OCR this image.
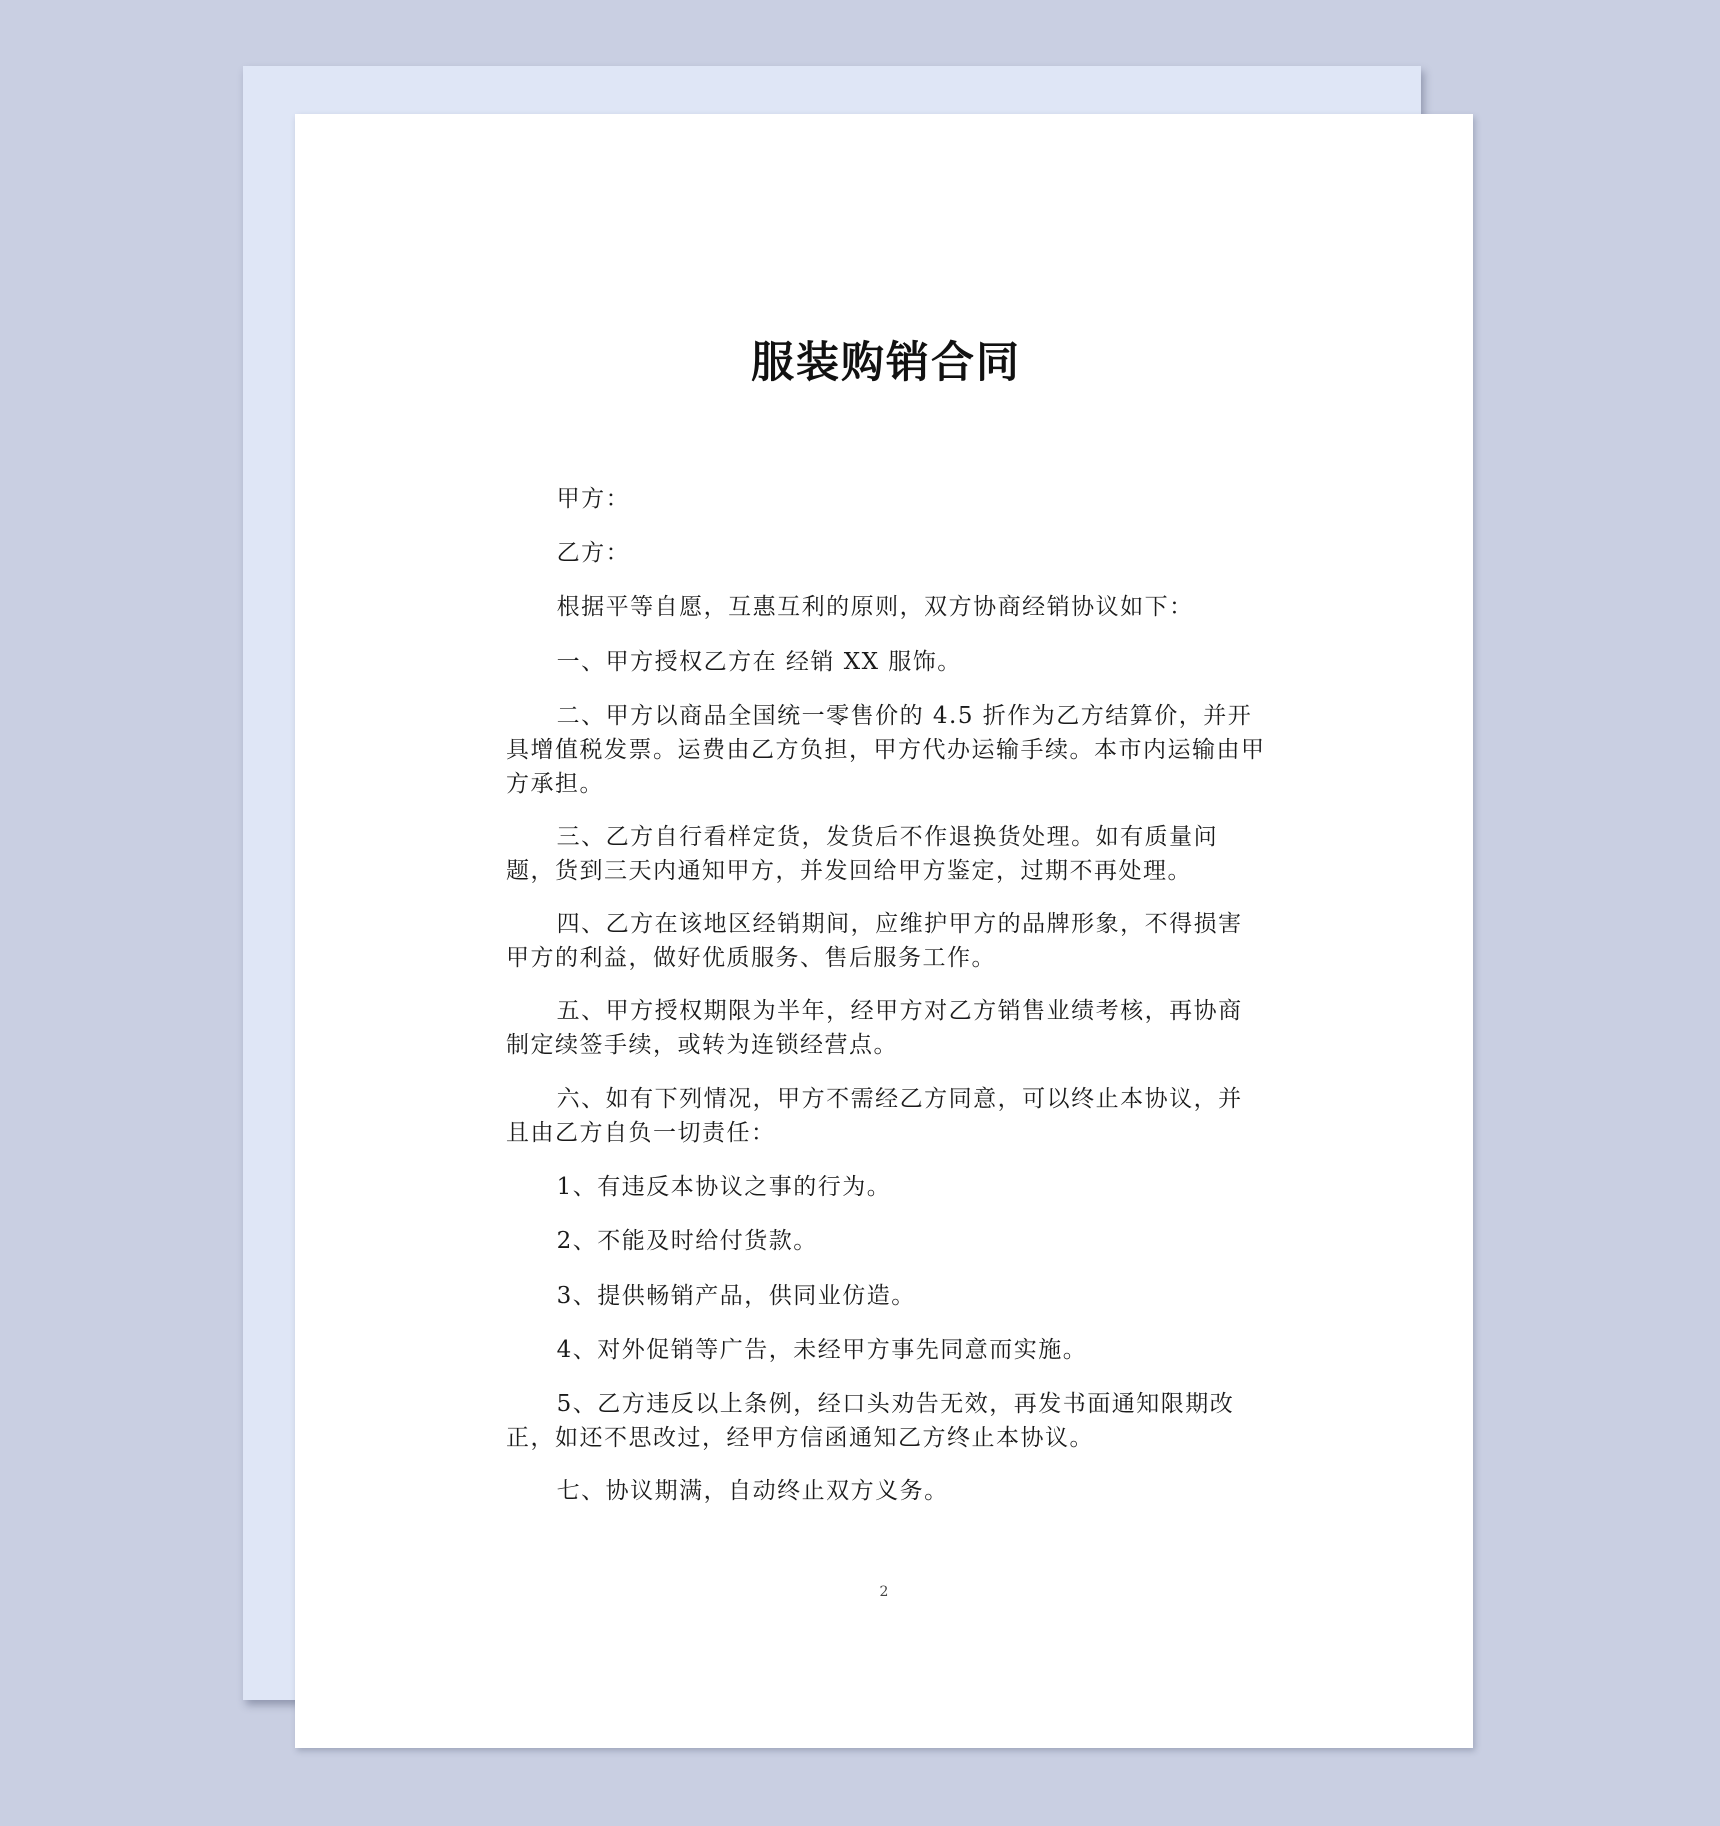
服装购销合同

甲方：

乙方：

根据平等自愿，互惠互利的原则，双方协商经销协议如下：

一、甲方授权乙方在 经销 XX 服饰。

二、甲方以商品全国统一零售价的 4.5 折作为乙方结算价，并开具增值税发票。运费由乙方负担，甲方代办运输手续。本市内运输由甲方承担。

三、乙方自行看样定货，发货后不作退换货处理。如有质量问题，货到三天内通知甲方，并发回给甲方鉴定，过期不再处理。

四、乙方在该地区经销期间，应维护甲方的品牌形象，不得损害甲方的利益，做好优质服务、售后服务工作。

五、甲方授权期限为半年，经甲方对乙方销售业绩考核，再协商制定续签手续，或转为连锁经营点。

六、如有下列情况，甲方不需经乙方同意，可以终止本协议，并且由乙方自负一切责任：

1、有违反本协议之事的行为。

2、不能及时给付货款。

3、提供畅销产品，供同业仿造。

4、对外促销等广告，未经甲方事先同意而实施。

5、乙方违反以上条例，经口头劝告无效，再发书面通知限期改正，如还不思改过，经甲方信函通知乙方终止本协议。

七、协议期满，自动终止双方义务。

2
